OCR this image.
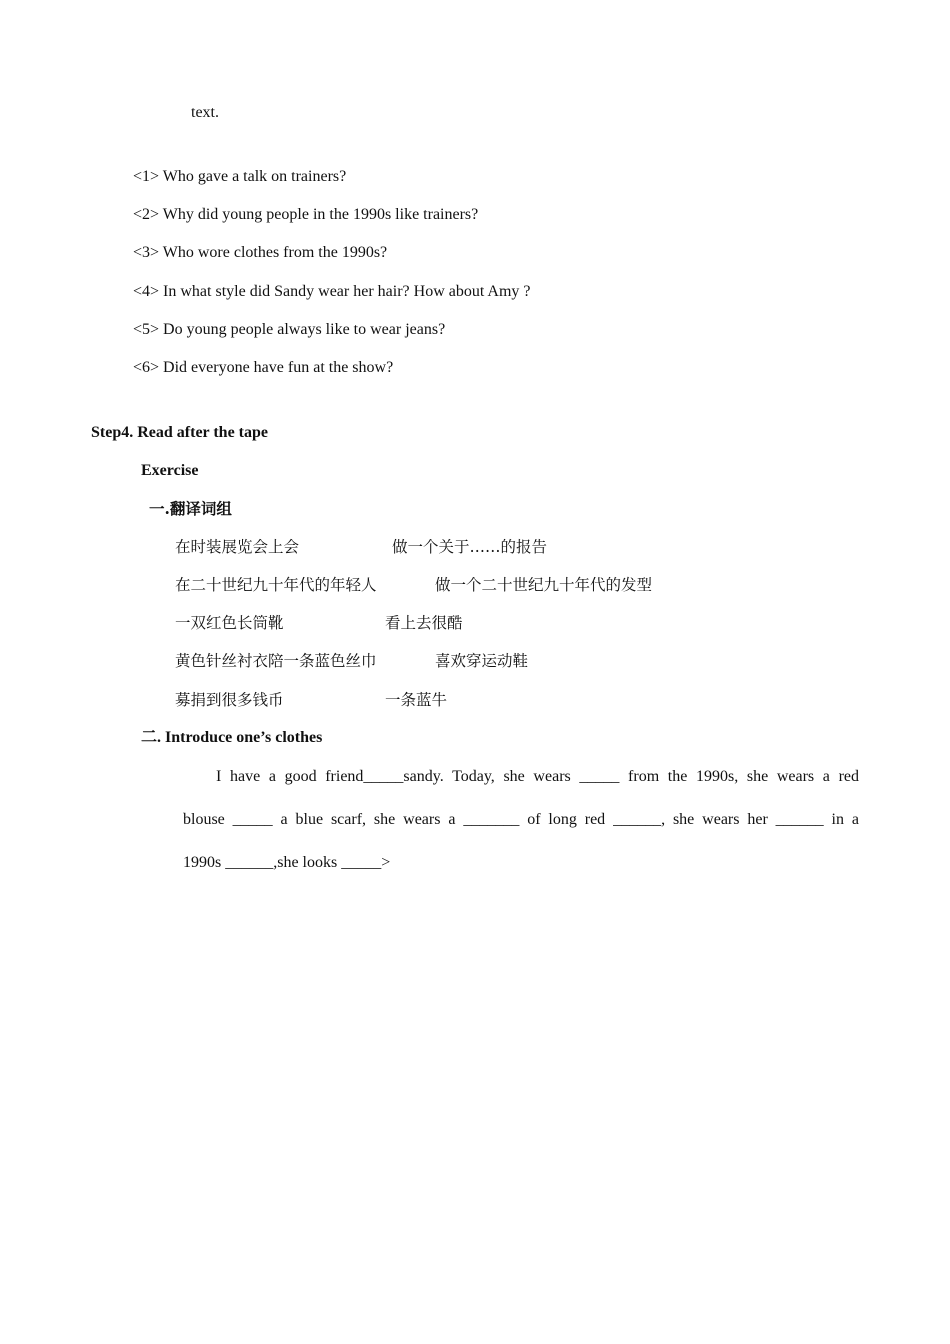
text.
<1> Who gave a talk on trainers?
<2> Why did young people in the 1990s like trainers?
<3> Who wore clothes from the 1990s?
<4> In what style did Sandy wear her hair? How about Amy ?
<5> Do young people always like to wear jeans?
<6> Did everyone have fun at the show?
Step4. Read after the tape
Exercise
一.翻译词组
在时装展览会上会	做一个关于……的报告
在二十世纪九十年代的年轻人	做一个二十世纪九十年代的发型
一双红色长筒靴	看上去很酷
黄色针丝衬衣陪一条蓝色丝巾	喜欢穿运动鞋
募捐到很多钱币	一条蓝牛
二. Introduce one’s clothes
I have a good friend_____sandy. Today, she wears _____ from the 1990s, she wears a red
blouse _____ a blue scarf, she wears a _______ of long red ______, she wears her ______ in a
1990s ______,she looks _____>
